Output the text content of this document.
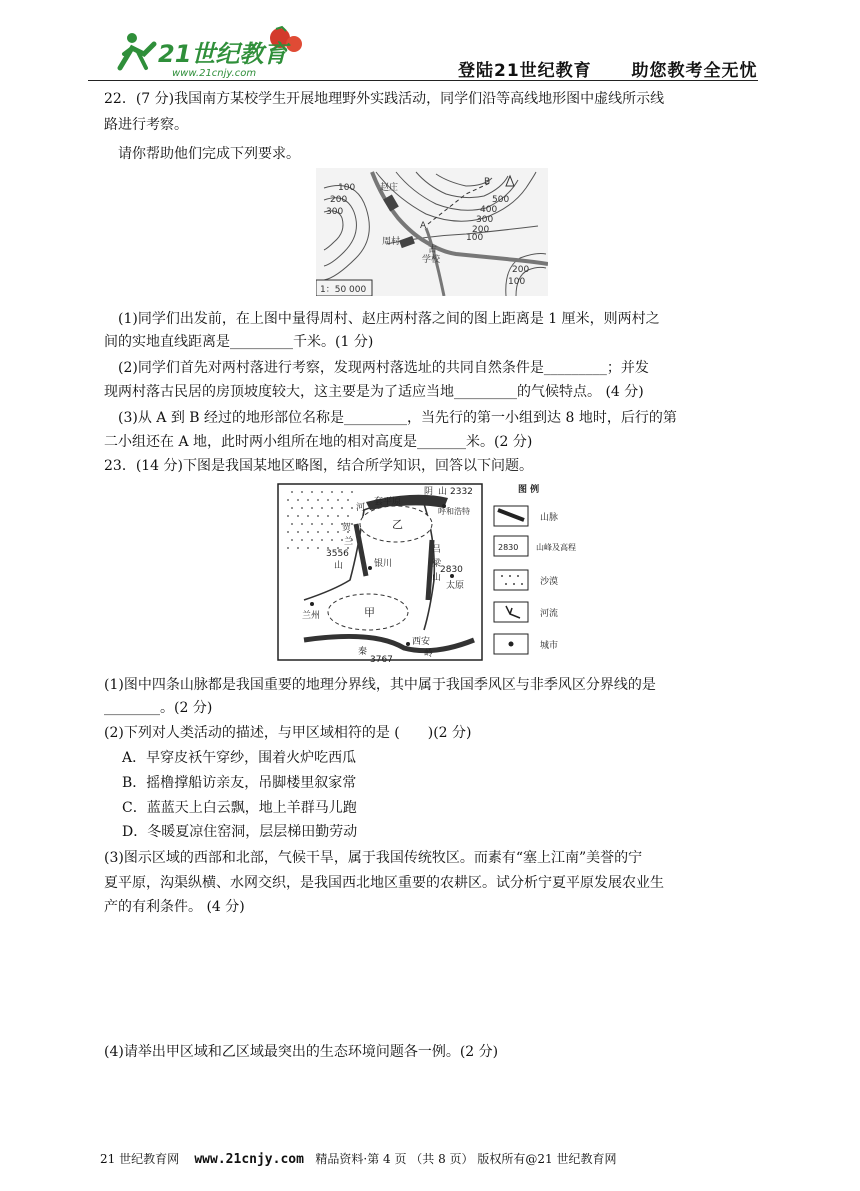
21世纪教育
www.21cnjy.com	登陆21世纪教育 助您教考全无忧
22．(7 分)我国南方某校学生开展地理野外实践活动，同学们沿等高线地形图中虚线所示线
路进行考察。
请你帮助他们完成下列要求。
100
200
300
赵庄
B
500
400
300
200
100
A
周村
古
学校
200
100
1：50 000
(1)同学们出发前，在上图中量得周村、赵庄两村落之间的图上距离是 1 厘米，则两村之
间的实地直线距离是_________千米。(1 分)
(2)同学们首先对两村落进行考察，发现两村落选址的共同自然条件是_________；并发
现两村落古民居的房顶坡度较大，这主要是为了适应当地_________的气候特点。 (4 分)
(3)从 A 到 B 经过的地形部位名称是_________，当先行的第一小组到达 8 地时，后行的第
二小组还在 A 地，此时两小组所在地的相对高度是_______米。(2 分)
23．(14 分)下图是我国某地区略图，结合所学知识，回答以下问题。
阴 山 2332
河
套平原
呼和浩特
乙
贺
兰
3556
山	银川
吕
梁
山
2830
太原
甲
兰州
西安
秦	岭
3767
图 例
山脉
2830 山峰及高程
沙漠
河流
城市
(1)图中四条山脉都是我国重要的地理分界线，其中属于我国季风区与非季风区分界线的是
________。(2 分)
(2)下列对人类活动的描述，与甲区域相符的是 (　　)(2 分)
A．早穿皮袄午穿纱，围着火炉吃西瓜
B．摇橹撑船访亲友，吊脚楼里叙家常
C．蓝蓝天上白云飘，地上羊群马儿跑
D．冬暖夏凉住窑洞，层层梯田勤劳动
(3)图示区域的西部和北部，气候干旱，属于我国传统牧区。而素有“塞上江南”美誉的宁
夏平原，沟渠纵横、水网交织，是我国西北地区重要的农耕区。试分析宁夏平原发展农业生
产的有利条件。 (4 分)
(4)请举出甲区域和乙区域最突出的生态环境问题各一例。(2 分)
21 世纪教育网 www.21cnjy.com 精品资料·第 4 页 （共 8 页） 版权所有@21 世纪教育网
